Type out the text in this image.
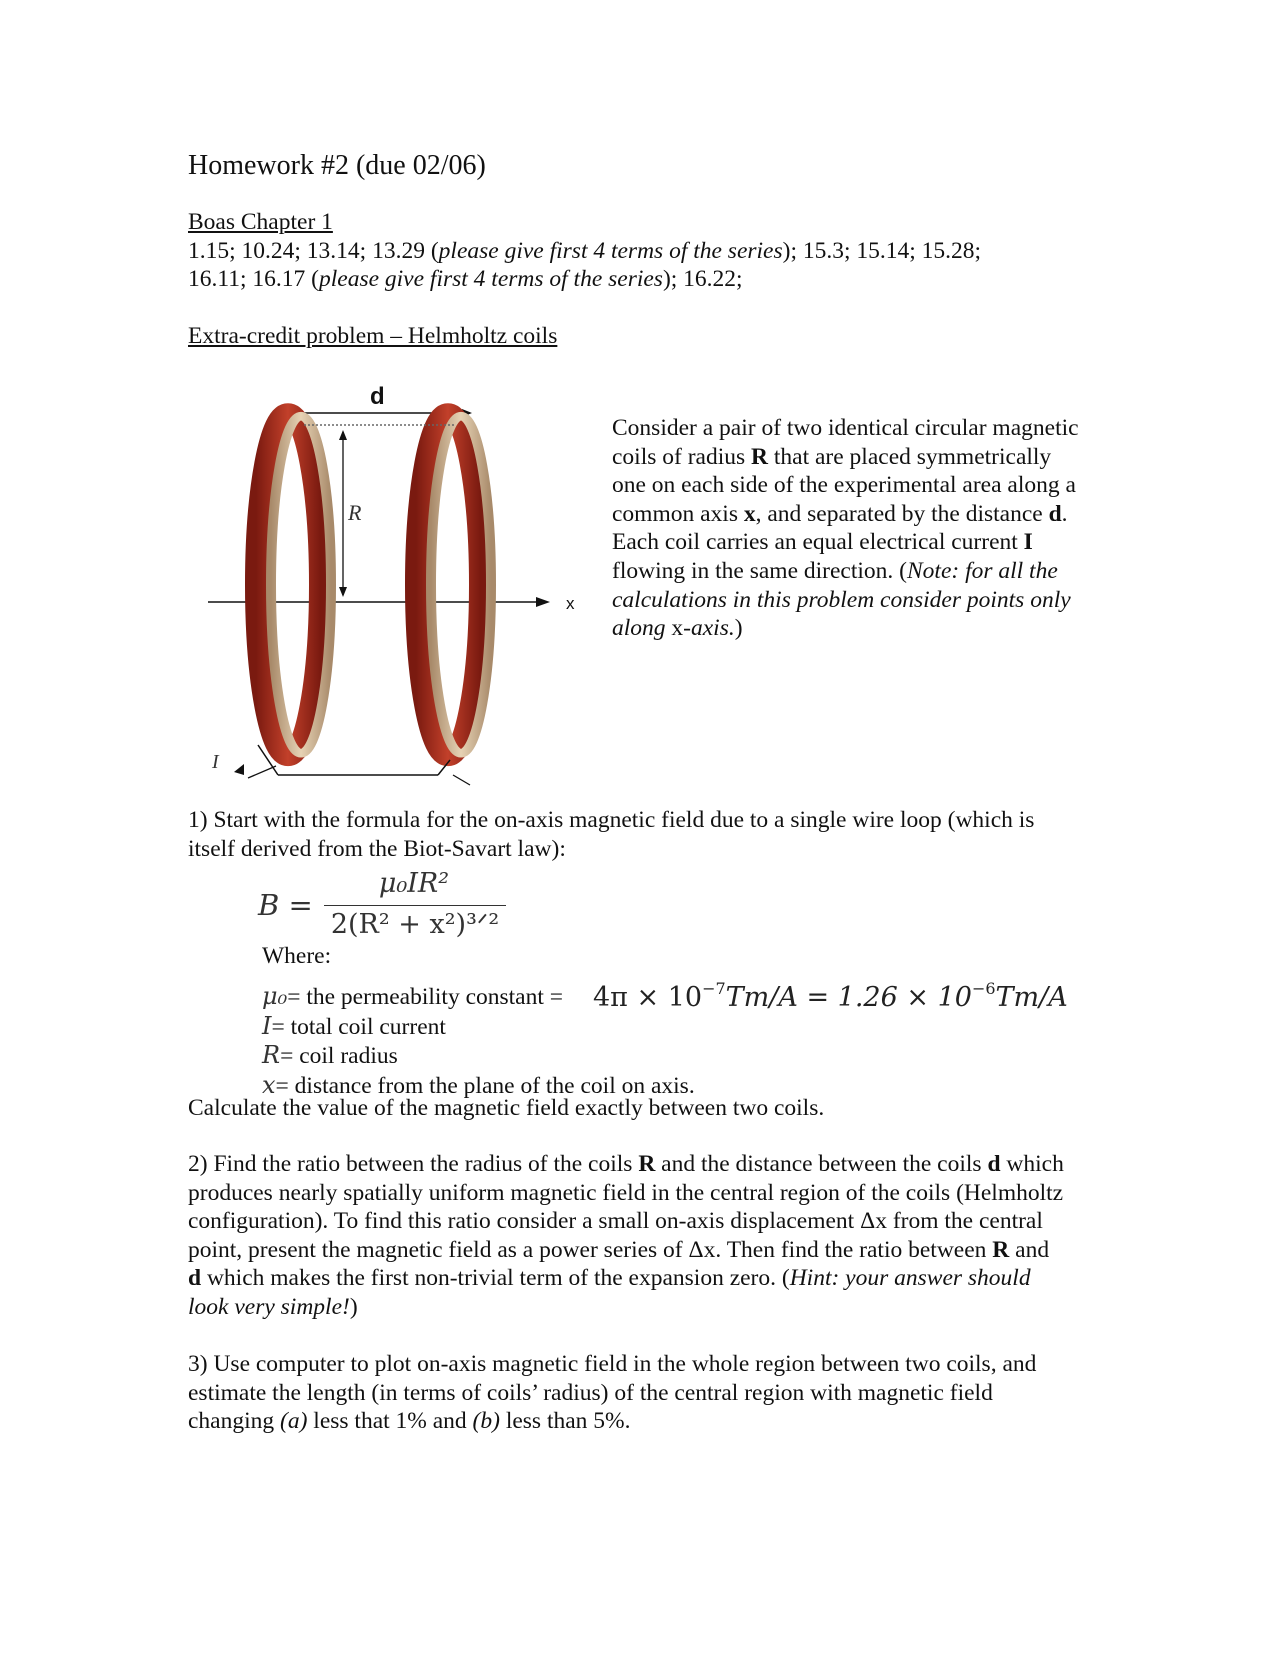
Homework #2 (due 02/06)
Boas Chapter 1
1.15; 10.24; 13.14; 13.29 (please give first 4 terms of the series); 15.3; 15.14; 15.28;
16.11; 16.17 (please give first 4 terms of the series); 16.22;
Extra-credit problem – Helmholtz coils
d
x
R
I
Consider a pair of two identical circular magnetic coils of radius R that are placed symmetrically one on each side of the experimental area along a common axis x, and separated by the distance d. Each coil carries an equal electrical current I flowing in the same direction. (Note: for all the calculations in this problem consider points only along x-axis.)
1) Start with the formula for the on-axis magnetic field due to a single wire loop (which is itself derived from the Biot-Savart law):
B =
μ₀IR²
2(R² + x²)³ᐟ²
Where:
μ₀= the permeability constant =
I= total coil current
R= coil radius
x= distance from the plane of the coil on axis.
$4\pi \times 10^{-7}Tm/A = 1.26 \times 10^{-6}Tm/A$
Calculate the value of the magnetic field exactly between two coils.
2) Find the ratio between the radius of the coils R and the distance between the coils d which produces nearly spatially uniform magnetic field in the central region of the coils (Helmholtz configuration). To find this ratio consider a small on-axis displacement Δx from the central point, present the magnetic field as a power series of Δx. Then find the ratio between R and d which makes the first non-trivial term of the expansion zero. (Hint: your answer should look very simple!)
3) Use computer to plot on-axis magnetic field in the whole region between two coils, and estimate the length (in terms of coils’ radius) of the central region with magnetic field changing (a) less that 1% and (b) less than 5%.
